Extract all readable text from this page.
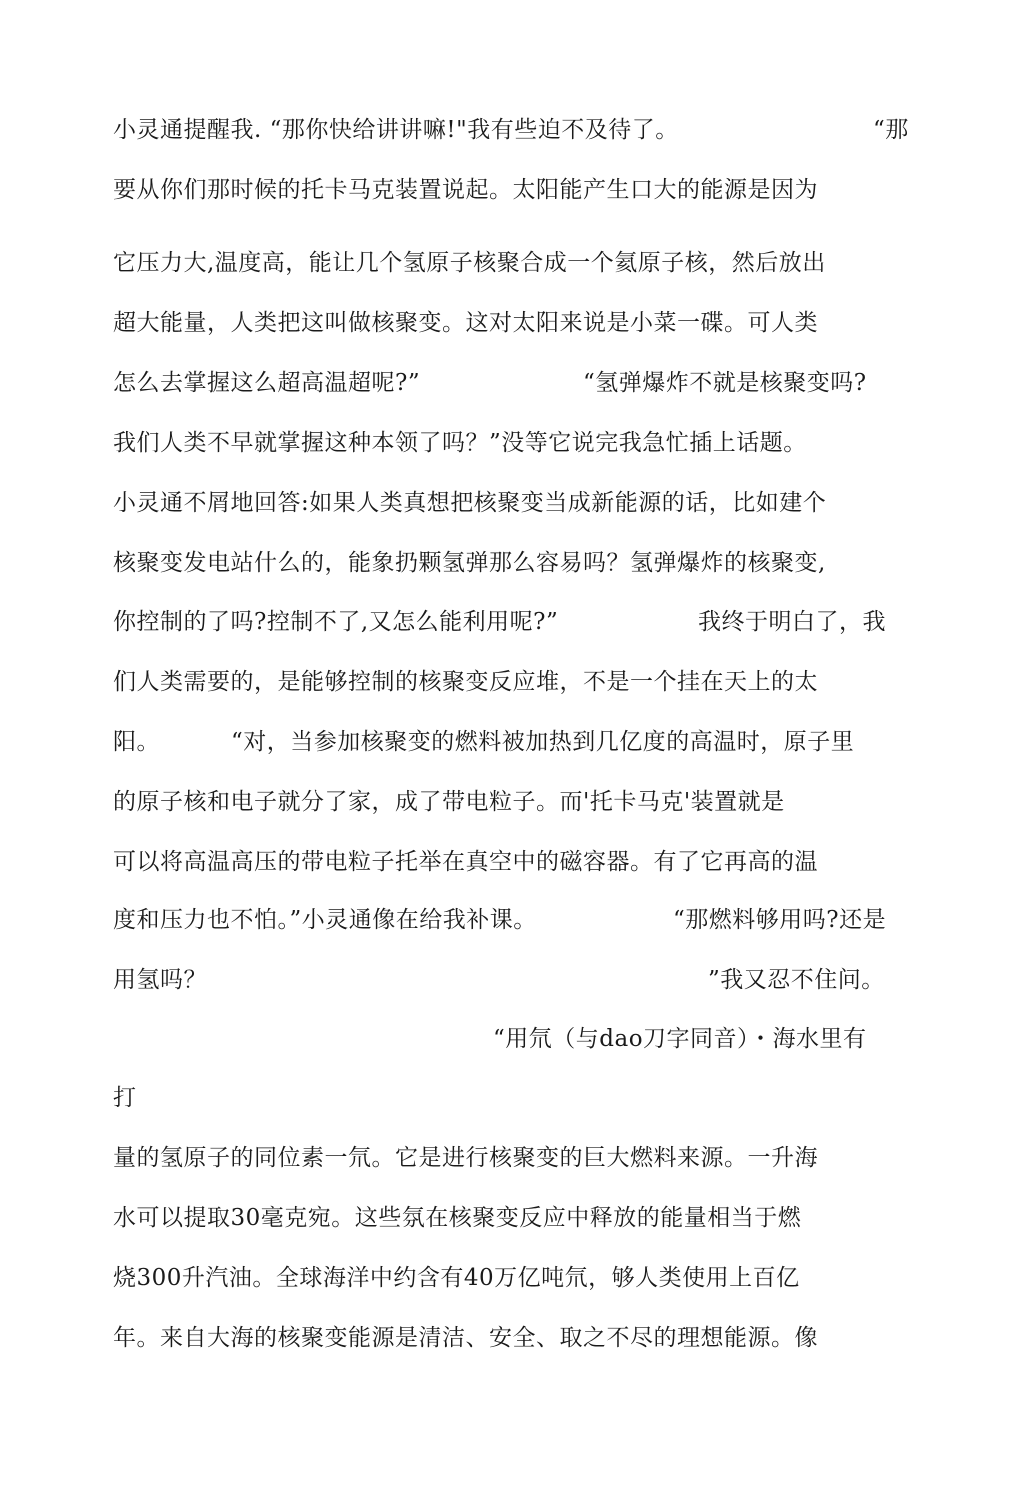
小灵通提醒我. “那你快给讲讲嘛!"我有些迫不及待了。	“那
要从你们那时候的托卡马克装置说起。太阳能产生口大的能源是因为
它压力大,温度高，能让几个氢原子核聚合成一个氦原子核，然后放出
超大能量，人类把这叫做核聚变。这对太阳来说是小菜一碟。可人类
怎么去掌握这么超高温超呢?”	“氢弹爆炸不就是核聚变吗?
我们人类不早就掌握这种本领了吗？”没等它说完我急忙插上话题。
小灵通不屑地回答:如果人类真想把核聚变当成新能源的话，比如建个
核聚变发电站什么的，能象扔颗氢弹那么容易吗？氢弹爆炸的核聚变,
你控制的了吗?控制不了,又怎么能利用呢?”	我终于明白了，我
们人类需要的，是能够控制的核聚变反应堆，不是一个挂在天上的太
阳。	“对，当参加核聚变的燃料被加热到几亿度的高温时，原子里
的原子核和电子就分了家，成了带电粒子。而'托卡马克'装置就是
可以将高温高压的带电粒子托举在真空中的磁容器。有了它再高的温
度和压力也不怕。”小灵通像在给我补课。	“那燃料够用吗?还是
用氢吗？	”我又忍不住问。
“用氘（与dao刀字同音）・海水里有
打
量的氢原子的同位素一氘。它是进行核聚变的巨大燃料来源。一升海
水可以提取30毫克宛。这些氛在核聚变反应中释放的能量相当于燃
烧300升汽油。全球海洋中约含有40万亿吨氘，够人类使用上百亿
年。来自大海的核聚变能源是清洁、安全、取之不尽的理想能源。像
